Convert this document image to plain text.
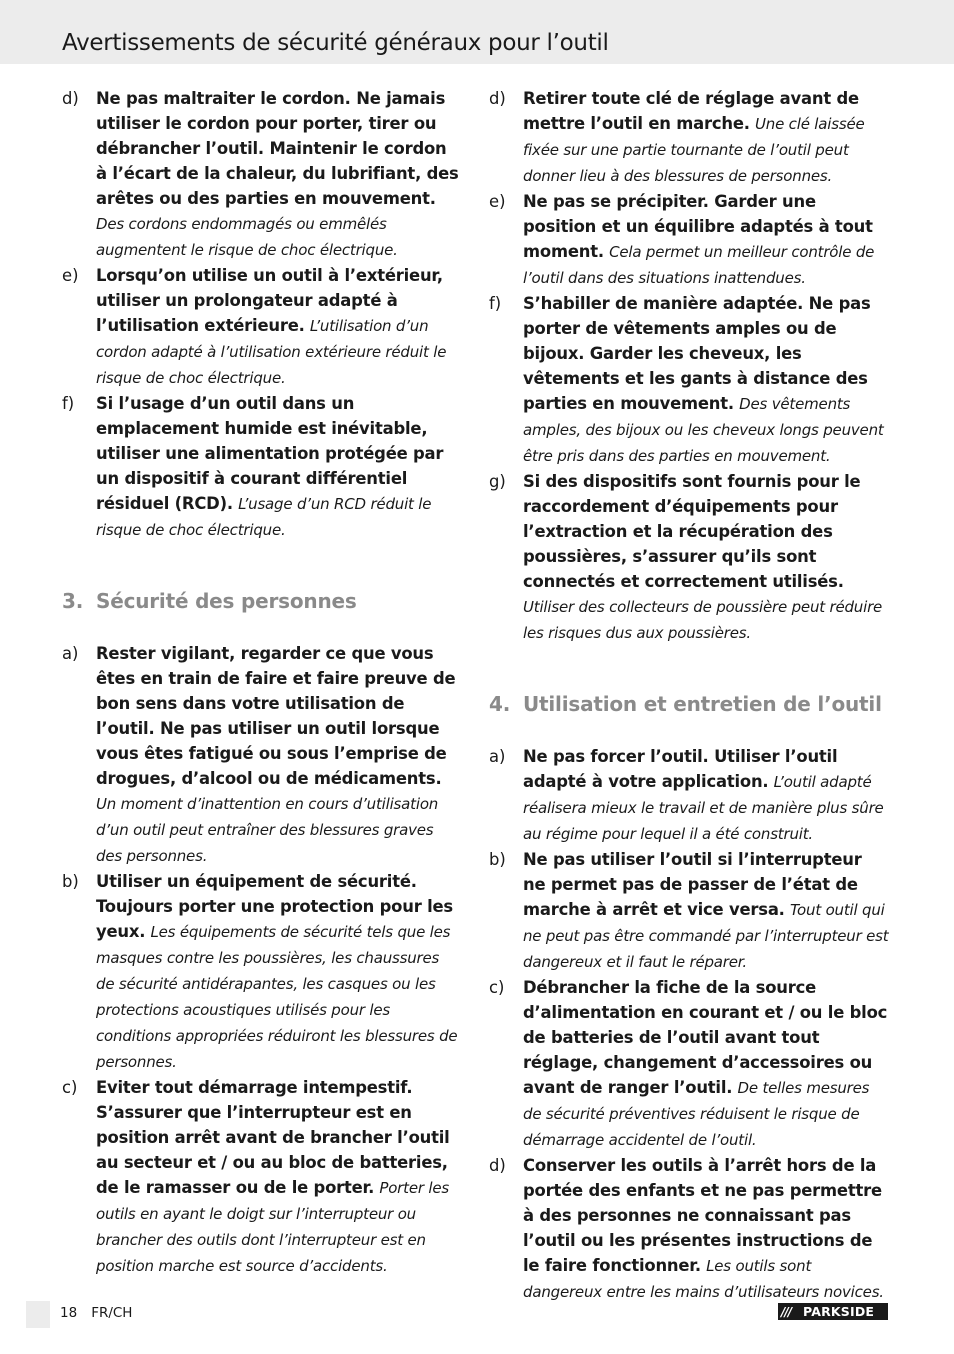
Avertissements de sécurité généraux pour l’outil
d)	Ne pas maltraiter le cordon. Ne jamais utiliser le cordon pour porter, tirer ou débrancher l’outil. Maintenir le cordon à l’écart de la chaleur, du lubrifiant, des arêtes ou des parties en mouvement. Des cordons endommagés ou emmêlés augmentent le risque de choc électrique.
e)	Lorsqu’on utilise un outil à l’extérieur, utiliser un prolongateur adapté à l’utilisation extérieure. L’utilisation d’un cordon adapté à l’utilisation extérieure réduit le risque de choc électrique.
f)	Si l’usage d’un outil dans un emplacement humide est inévitable, utiliser une alimentation protégée par un dispositif à courant différentiel résiduel (RCD). L’usage d’un RCD réduit le risque de choc électrique.
3. Sécurité des personnes
a)	Rester vigilant, regarder ce que vous êtes en train de faire et faire preuve de bon sens dans votre utilisation de l’outil. Ne pas utiliser un outil lorsque vous êtes fatigué ou sous l’emprise de drogues, d’alcool ou de médicaments. Un moment d’inattention en cours d’utilisation d’un outil peut entraîner des blessures graves des personnes.
b)	Utiliser un équipement de sécurité. Toujours porter une protection pour les yeux. Les équipements de sécurité tels que les masques contre les poussières, les chaussures de sécurité antidérapantes, les casques ou les protections acoustiques utilisés pour les conditions appropriées réduiront les blessures de personnes.
c)	Eviter tout démarrage intempestif. S’assurer que l’interrupteur est en position arrêt avant de brancher l’outil au secteur et / ou au bloc de batteries, de le ramasser ou de le porter. Porter les outils en ayant le doigt sur l’interrupteur ou brancher des outils dont l’interrupteur est en position marche est source d’accidents.
d)	Retirer toute clé de réglage avant de mettre l’outil en marche. Une clé laissée fixée sur une partie tournante de l’outil peut donner lieu à des blessures de personnes.
e)	Ne pas se précipiter. Garder une position et un équilibre adaptés à tout moment. Cela permet un meilleur contrôle de l’outil dans des situations inattendues.
f)	S’habiller de manière adaptée. Ne pas porter de vêtements amples ou de bijoux. Garder les cheveux, les vêtements et les gants à distance des parties en mouvement. Des vêtements amples, des bijoux ou les cheveux longs peuvent être pris dans des parties en mouvement.
g)	Si des dispositifs sont fournis pour le raccordement d’équipements pour l’extraction et la récupération des poussières, s’assurer qu’ils sont connectés et correctement utilisés. Utiliser des collecteurs de poussière peut réduire les risques dus aux poussières.
4. Utilisation et entretien de l’outil
a)	Ne pas forcer l’outil. Utiliser l’outil adapté à votre application. L’outil adapté réalisera mieux le travail et de manière plus sûre au régime pour lequel il a été construit.
b)	Ne pas utiliser l’outil si l’interrupteur ne permet pas de passer de l’état de marche à arrêt et vice versa. Tout outil qui ne peut pas être commandé par l’interrupteur est dangereux et il faut le réparer.
c)	Débrancher la fiche de la source d’alimentation en courant et / ou le bloc de batteries de l’outil avant tout réglage, changement d’accessoires ou avant de ranger l’outil. De telles mesures de sécurité préventives réduisent le risque de démarrage accidentel de l’outil.
d)	Conserver les outils à l’arrêt hors de la portée des enfants et ne pas permettre à des personnes ne connaissant pas l’outil ou les présentes instructions de le faire fonctionner. Les outils sont dangereux entre les mains d’utilisateurs novices.
18 FR/CH	/// PARKSIDE
